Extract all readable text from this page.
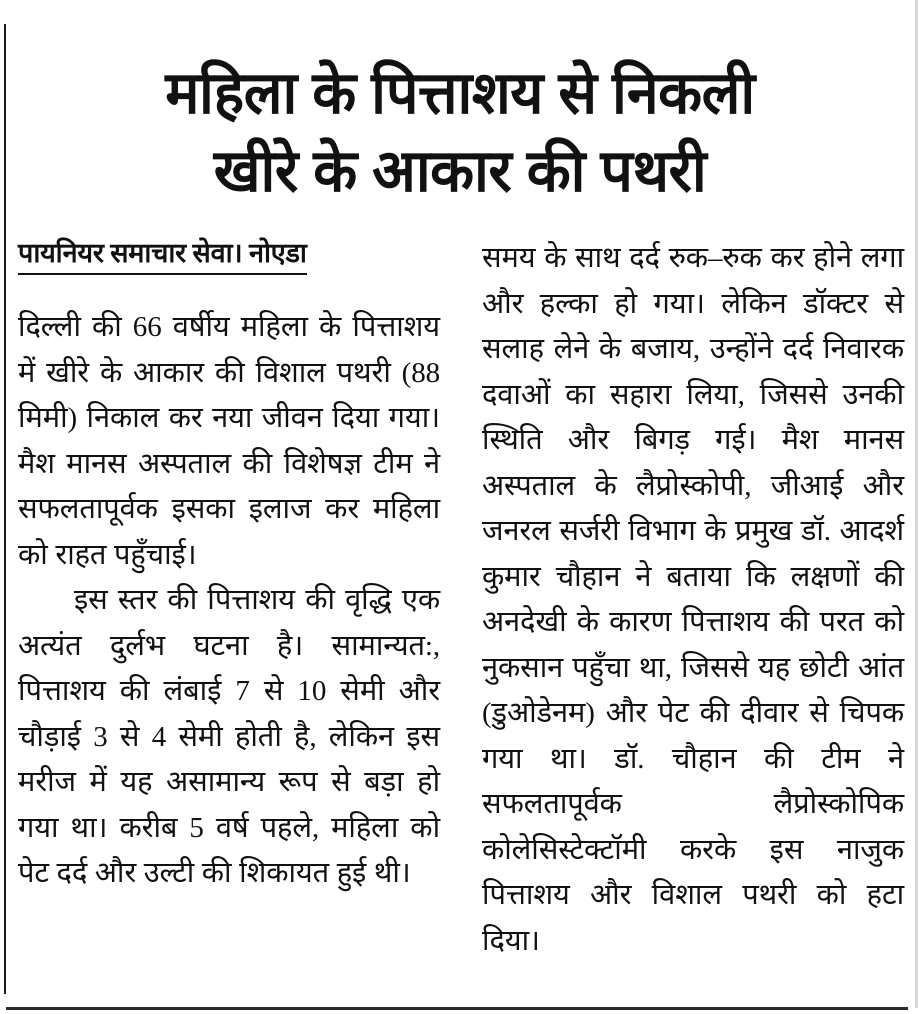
महिला के पित्ताशय से निकली
खीरे के आकार की पथरी
पायनियर समाचार सेवा। नोएडा

दिल्ली की 66 वर्षीय महिला के पित्ताशय में खीरे के आकार की विशाल पथरी (88 मिमी) निकाल कर नया जीवन दिया गया। मैश मानस अस्पताल की विशेषज्ञ टीम ने सफलतापूर्वक इसका इलाज कर महिला को राहत पहुँचाई।

इस स्तर की पित्ताशय की वृद्धि एक अत्यंत दुर्लभ घटना है। सामान्यत:, पित्ताशय की लंबाई 7 से 10 सेमी और चौड़ाई 3 से 4 सेमी होती है, लेकिन इस मरीज में यह असामान्य रूप से बड़ा हो गया था। करीब 5 वर्ष पहले, महिला को पेट दर्द और उल्टी की शिकायत हुई थी।

समय के साथ दर्द रुक–रुक कर होने लगा और हल्का हो गया। लेकिन डॉक्टर से सलाह लेने के बजाय, उन्होंने दर्द निवारक दवाओं का सहारा लिया, जिससे उनकी स्थिति और बिगड़ गई। मैश मानस अस्पताल के लैप्रोस्कोपी, जीआई और जनरल सर्जरी विभाग के प्रमुख डॉ. आदर्श कुमार चौहान ने बताया कि लक्षणों की अनदेखी के कारण पित्ताशय की परत को नुकसान पहुँचा था, जिससे यह छोटी आंत (डुओडेनम) और पेट की दीवार से चिपक गया था। डॉ. चौहान की टीम ने सफलतापूर्वक लैप्रोस्कोपिक कोलेसिस्टेक्टॉमी करके इस नाजुक पित्ताशय और विशाल पथरी को हटा दिया।
